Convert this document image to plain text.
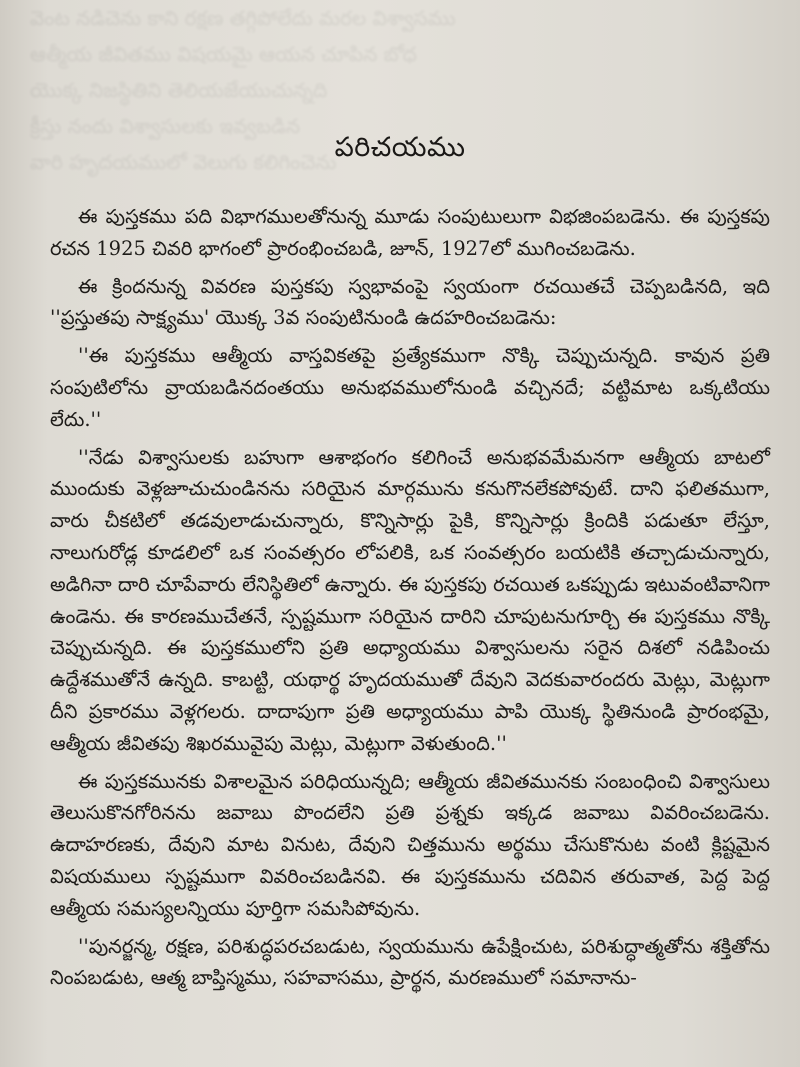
వెంట నడిచెను కాని రక్షణ తగ్గిపోలేదు మరల విశ్వాసము
ఆత్మీయ జీవితము విషయమై ఆయన చూపిన బోధ
యొక్క నిజస్థితిని తెలియజేయుచున్నది
క్రీస్తు నందు విశ్వాసులకు ఇవ్వబడిన
వారి హృదయములో వెలుగు కలిగించెను
పరిచయము

ఈ పుస్తకము పది విభాగములతోనున్న మూడు సంపుటులుగా విభజింపబడెను. ఈ పుస్తకపు రచన 1925 చివరి భాగంలో ప్రారంభించబడి, జూన్, 1927లో ముగించబడెను.

ఈ క్రిందనున్న వివరణ పుస్తకపు స్వభావంపై స్వయంగా రచయితచే చెప్పబడినది, ఇది ''ప్రస్తుతపు సాక్ష్యము' యొక్క 3వ సంపుటినుండి ఉదహరించబడెను:

''ఈ పుస్తకము ఆత్మీయ వాస్తవికతపై ప్రత్యేకముగా నొక్కి చెప్పుచున్నది. కావున ప్రతి సంపుటిలోను వ్రాయబడినదంతయు అనుభవములోనుండి వచ్చినదే; వట్టిమాట ఒక్కటియు లేదు.''

''నేడు విశ్వాసులకు బహుగా ఆశాభంగం కలిగించే అనుభవమేమనగా ఆత్మీయ బాటలో ముందుకు వెళ్లజూచుచుండినను సరియైన మార్గమును కనుగొనలేకపోవుటే. దాని ఫలితముగా, వారు చీకటిలో తడవులాడుచున్నారు, కొన్నిసార్లు పైకి, కొన్నిసార్లు క్రిందికి పడుతూ లేస్తూ, నాలుగురోడ్ల కూడలిలో ఒక సంవత్సరం లోపలికి, ఒక సంవత్సరం బయటికి తచ్చాడుచున్నారు, అడిగినా దారి చూపేవారు లేనిస్థితిలో ఉన్నారు. ఈ పుస్తకపు రచయిత ఒకప్పుడు ఇటువంటివానిగా ఉండెను. ఈ కారణముచేతనే, స్పష్టముగా సరియైన దారిని చూపుటనుగూర్చి ఈ పుస్తకము నొక్కి చెప్పుచున్నది. ఈ పుస్తకములోని ప్రతి అధ్యాయము విశ్వాసులను సరైన దిశలో నడిపించు ఉద్దేశముతోనే ఉన్నది. కాబట్టి, యథార్థ హృదయముతో దేవుని వెదకువారందరు మెట్లు, మెట్లుగా దీని ప్రకారము వెళ్లగలరు. దాదాపుగా ప్రతి అధ్యాయము పాపి యొక్క స్థితినుండి ప్రారంభమై, ఆత్మీయ జీవితపు శిఖరమువైపు మెట్లు, మెట్లుగా వెళుతుంది.''

ఈ పుస్తకమునకు విశాలమైన పరిధియున్నది; ఆత్మీయ జీవితమునకు సంబంధించి విశ్వాసులు తెలుసుకొనగోరినను జవాబు పొందలేని ప్రతి ప్రశ్నకు ఇక్కడ జవాబు వివరించబడెను. ఉదాహరణకు, దేవుని మాట వినుట, దేవుని చిత్తమును అర్థము చేసుకొనుట వంటి క్లిష్టమైన విషయములు స్పష్టముగా వివరించబడినవి. ఈ పుస్తకమును చదివిన తరువాత, పెద్ద పెద్ద ఆత్మీయ సమస్యలన్నియు పూర్తిగా సమసిపోవును.

''పునర్జన్మ, రక్షణ, పరిశుద్ధపరచబడుట, స్వయమును ఉపేక్షించుట, పరిశుద్ధాత్మతోను శక్తితోను నింపబడుట, ఆత్మ బాప్తిస్మము, సహవాసము, ప్రార్థన, మరణములో సమానాను-
